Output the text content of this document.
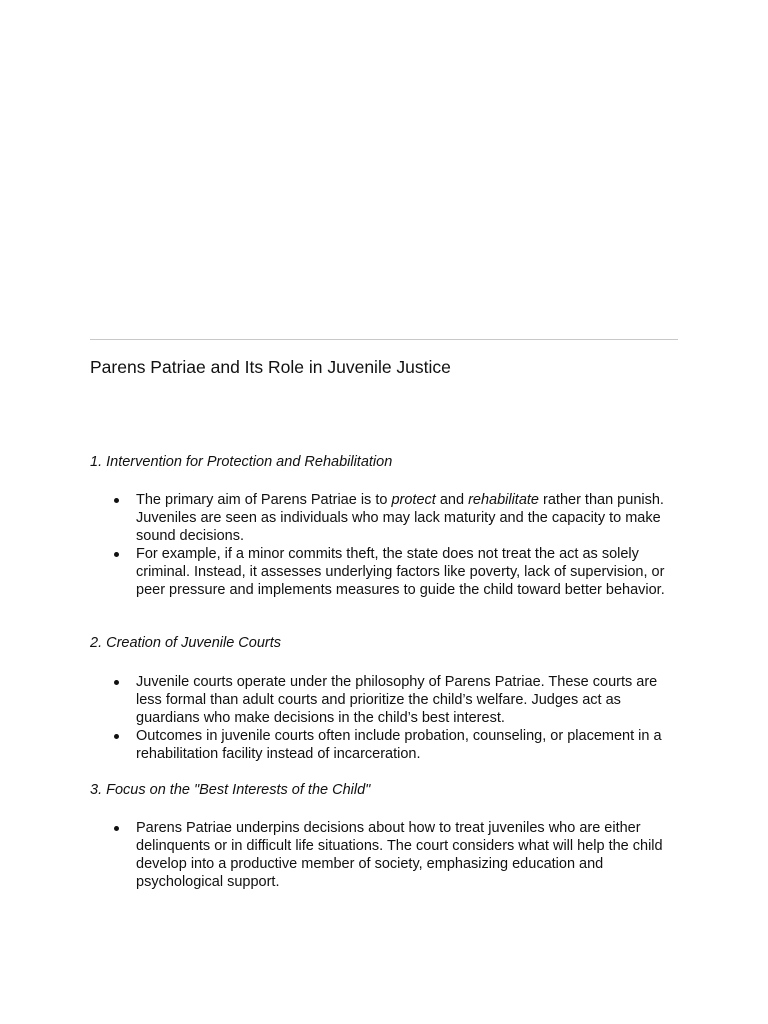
Parens Patriae and Its Role in Juvenile Justice
1. Intervention for Protection and Rehabilitation
The primary aim of Parens Patriae is to protect and rehabilitate rather than punish. Juveniles are seen as individuals who may lack maturity and the capacity to make sound decisions.
For example, if a minor commits theft, the state does not treat the act as solely criminal. Instead, it assesses underlying factors like poverty, lack of supervision, or peer pressure and implements measures to guide the child toward better behavior.
2. Creation of Juvenile Courts
Juvenile courts operate under the philosophy of Parens Patriae. These courts are less formal than adult courts and prioritize the child’s welfare. Judges act as guardians who make decisions in the child’s best interest.
Outcomes in juvenile courts often include probation, counseling, or placement in a rehabilitation facility instead of incarceration.
3. Focus on the "Best Interests of the Child"
Parens Patriae underpins decisions about how to treat juveniles who are either delinquents or in difficult life situations. The court considers what will help the child develop into a productive member of society, emphasizing education and psychological support.
